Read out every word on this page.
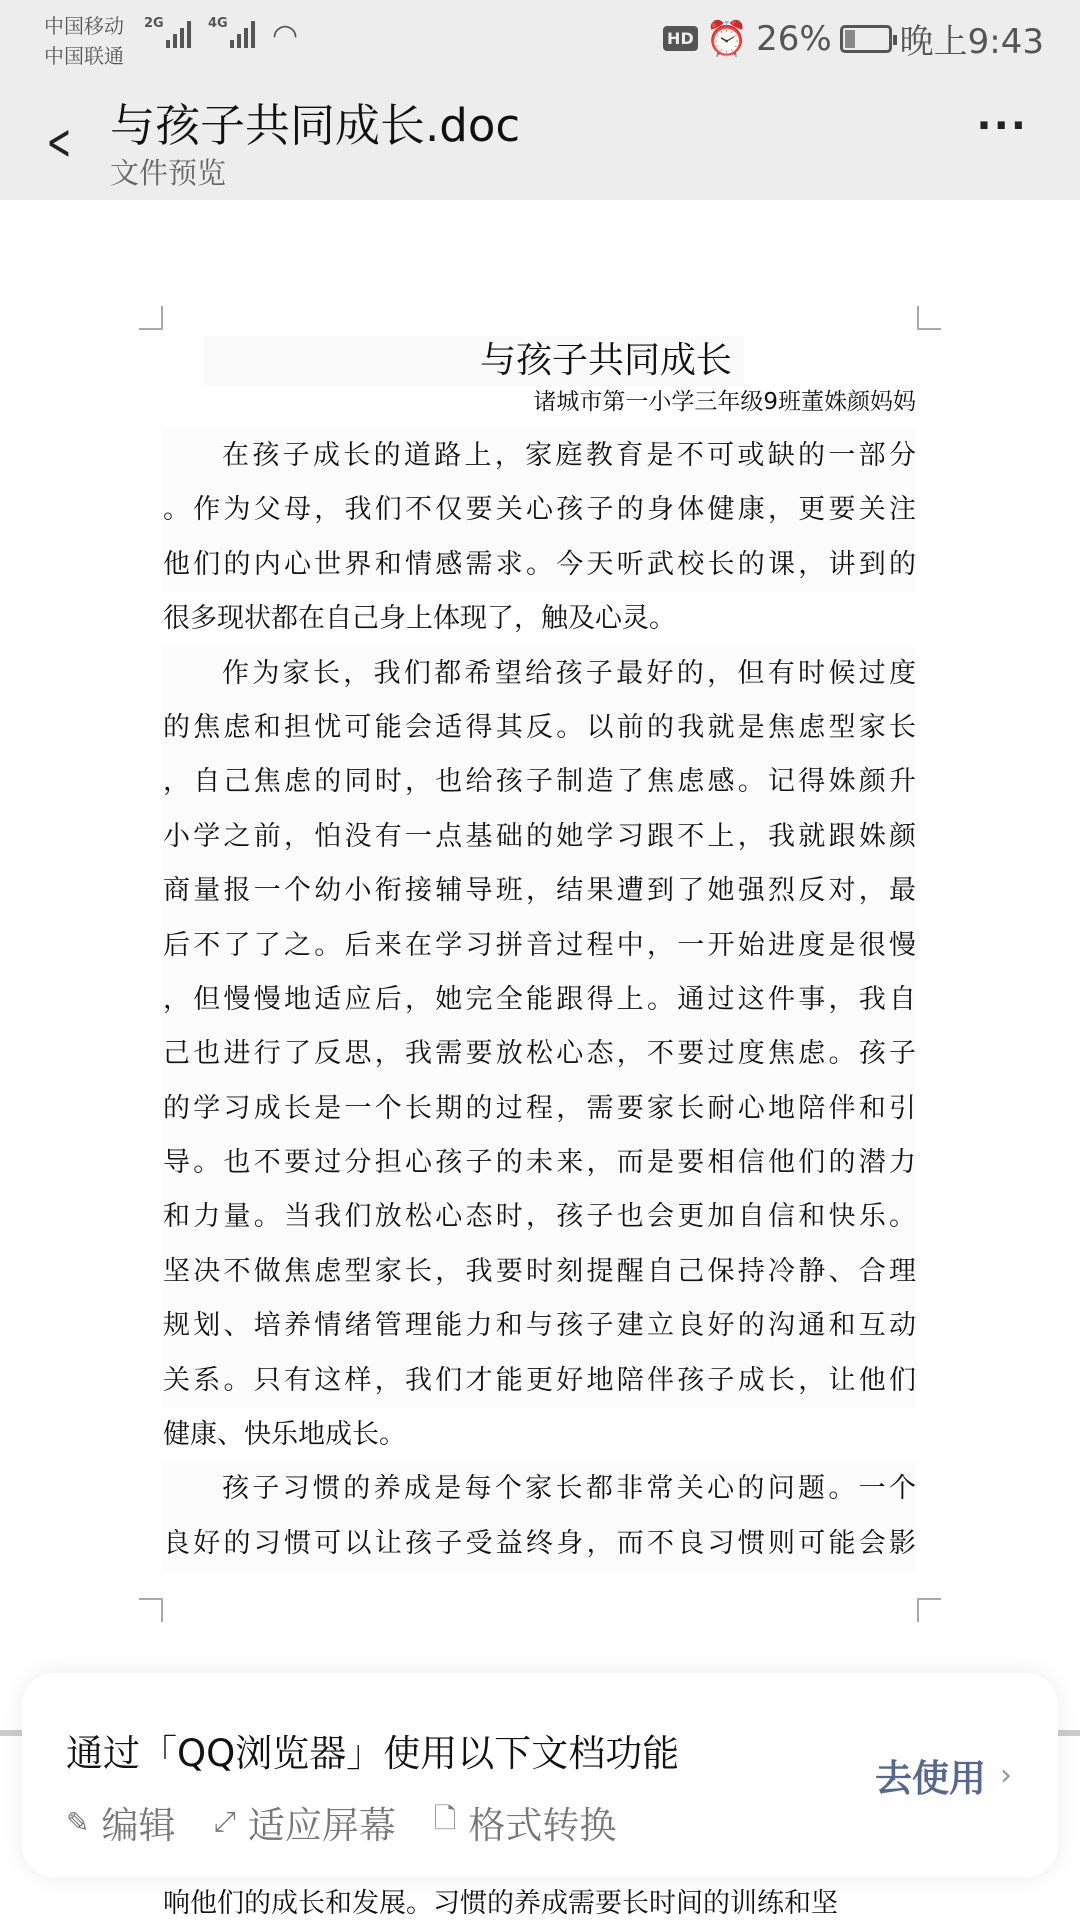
中国移动
中国联通
2G	4G ◠	HD ⏰ 26% 晚上9:43
< 与孩子共同成长.doc
文件预览
···
与孩子共同成长
诸城市第一小学三年级9班董姝颜妈妈
在孩子成长的道路上，家庭教育是不可或缺的一部分
。作为父母，我们不仅要关心孩子的身体健康，更要关注
他们的内心世界和情感需求。今天听武校长的课，讲到的
很多现状都在自己身上体现了，触及心灵。
作为家长，我们都希望给孩子最好的，但有时候过度
的焦虑和担忧可能会适得其反。以前的我就是焦虑型家长
，自己焦虑的同时，也给孩子制造了焦虑感。记得姝颜升
小学之前，怕没有一点基础的她学习跟不上，我就跟姝颜
商量报一个幼小衔接辅导班，结果遭到了她强烈反对，最
后不了了之。后来在学习拼音过程中，一开始进度是很慢
，但慢慢地适应后，她完全能跟得上。通过这件事，我自
己也进行了反思，我需要放松心态，不要过度焦虑。孩子
的学习成长是一个长期的过程，需要家长耐心地陪伴和引
导。也不要过分担心孩子的未来，而是要相信他们的潜力
和力量。当我们放松心态时，孩子也会更加自信和快乐。
坚决不做焦虑型家长，我要时刻提醒自己保持冷静、合理
规划、培养情绪管理能力和与孩子建立良好的沟通和互动
关系。只有这样，我们才能更好地陪伴孩子成长，让他们
健康、快乐地成长。
孩子习惯的养成是每个家长都非常关心的问题。一个
良好的习惯可以让孩子受益终身，而不良习惯则可能会影
响他们的成长和发展。习惯的养成需要长时间的训练和坚
通过「QQ浏览器」使用以下文档功能
✎ 编辑 ⤢ 适应屏幕 🗋 格式转换
去使用 ›
